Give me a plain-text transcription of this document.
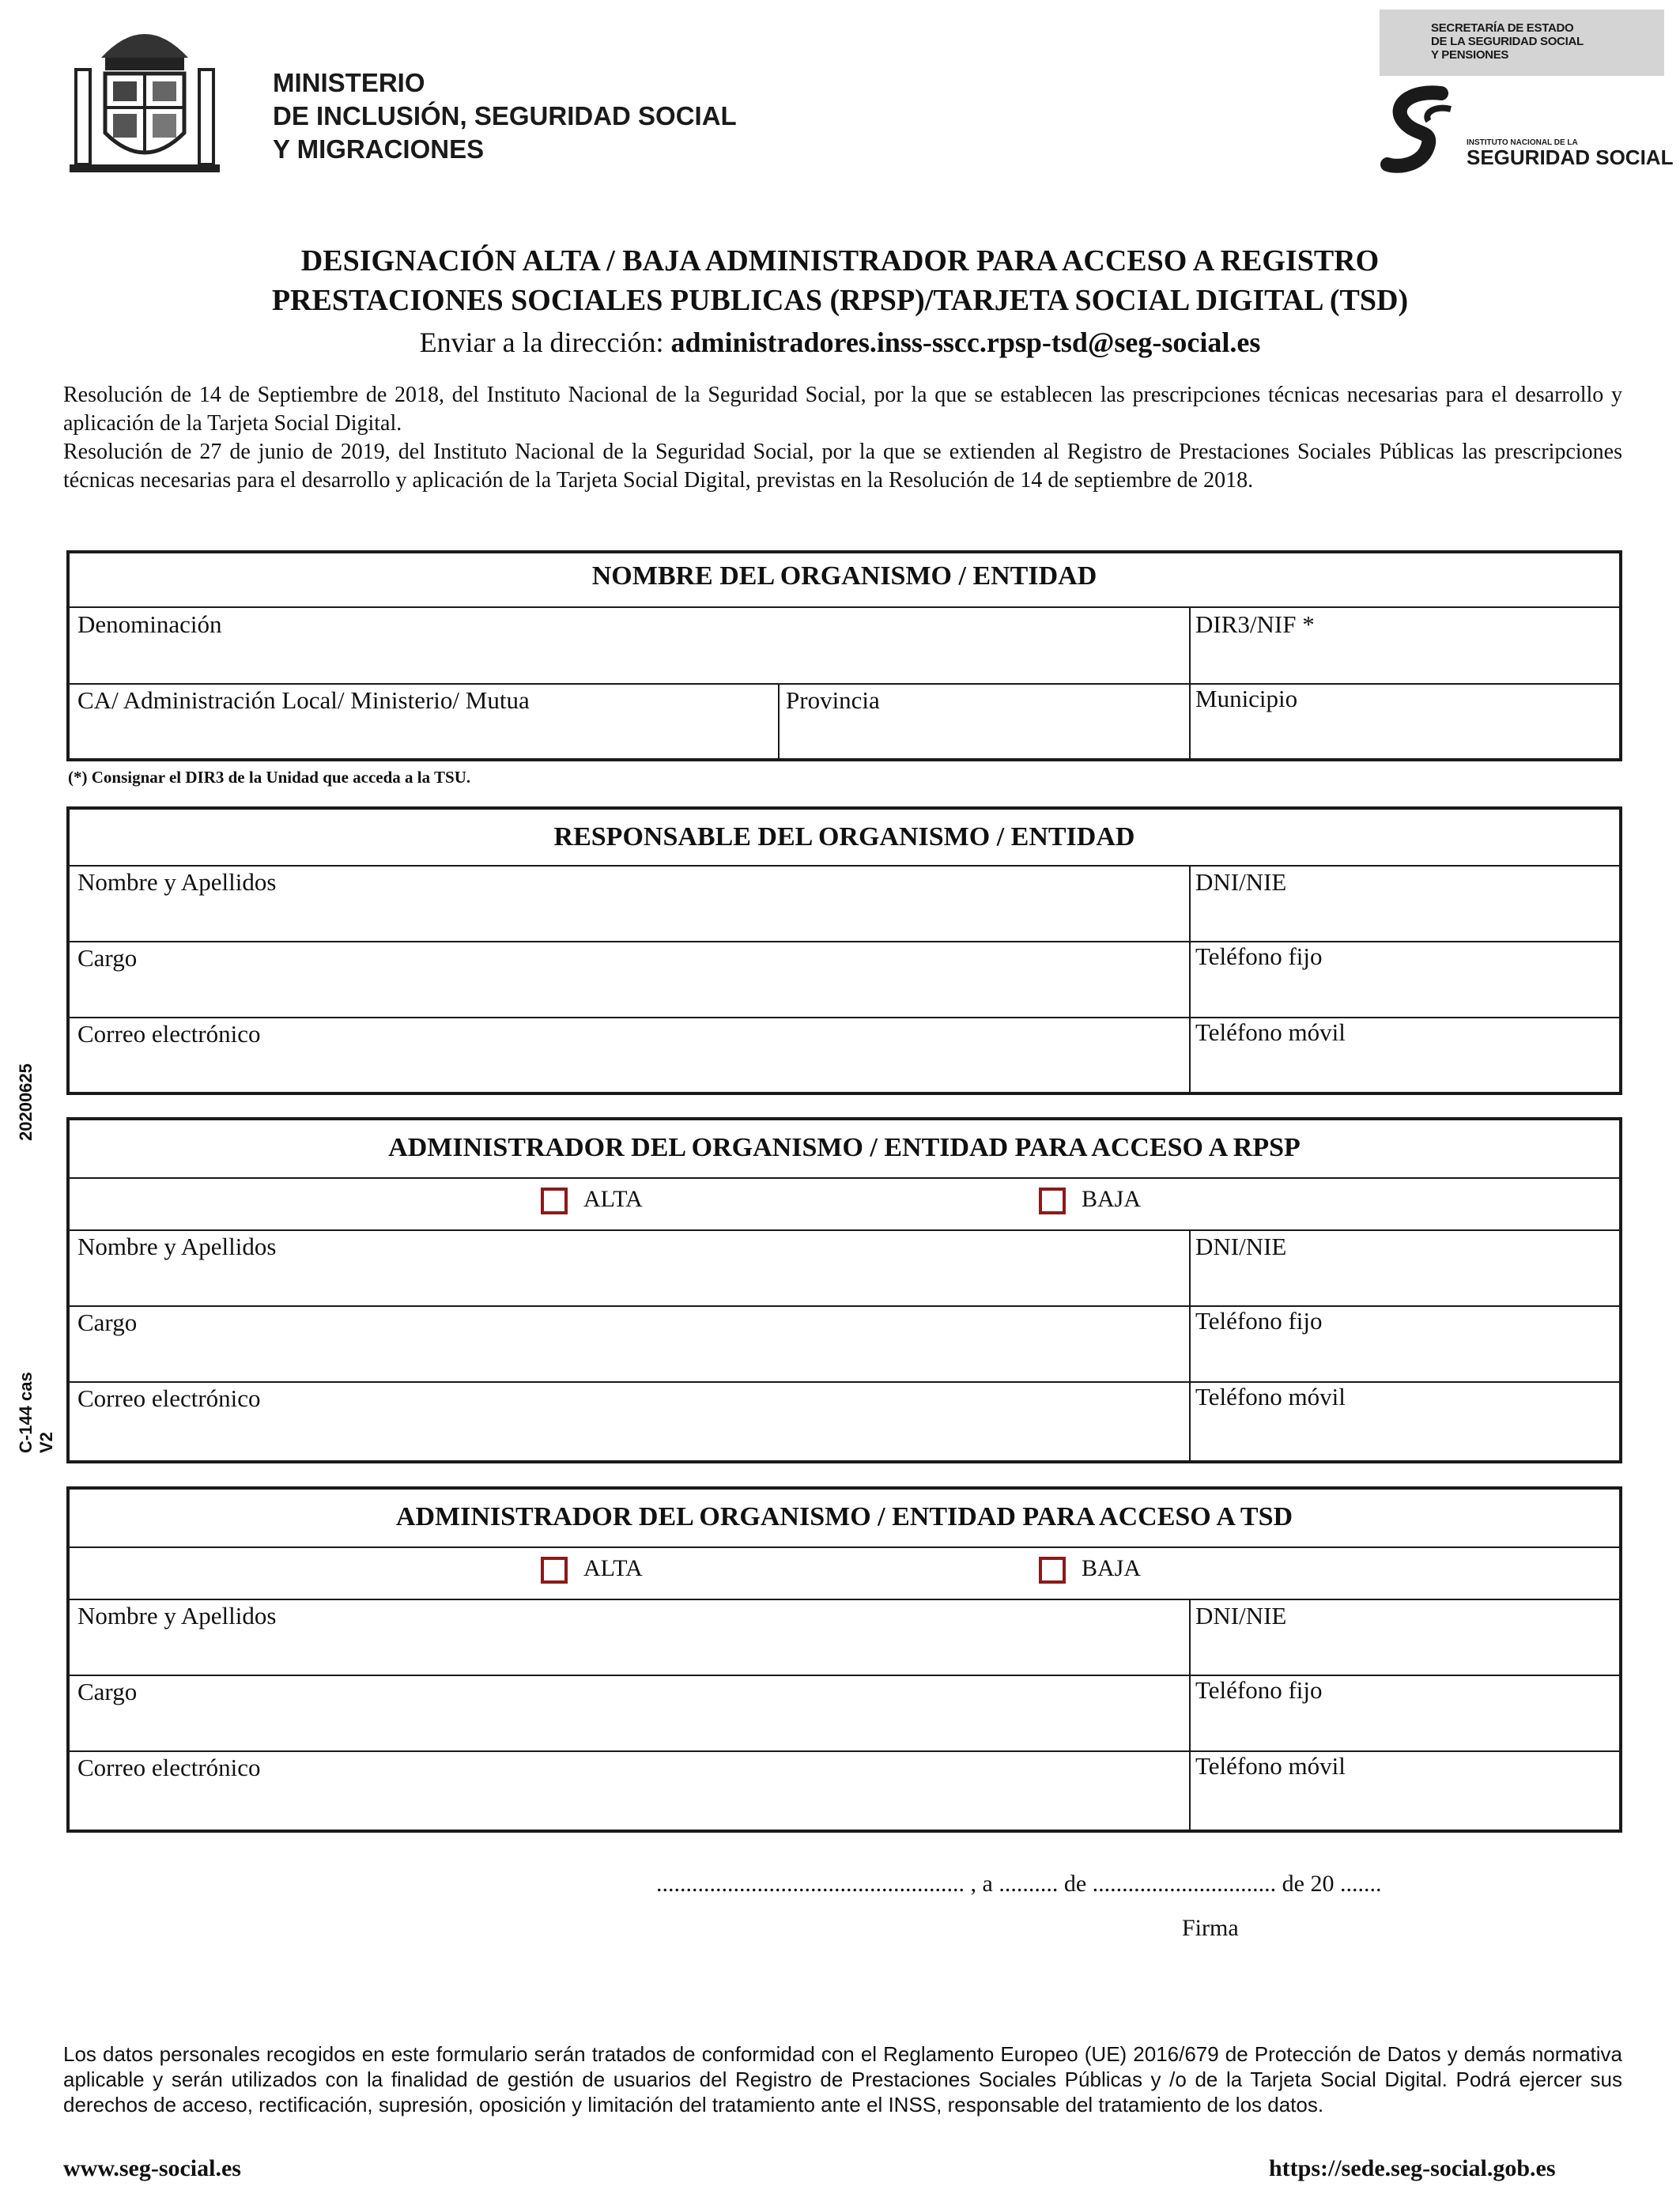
MINISTERIO
DE INCLUSIÓN, SEGURIDAD SOCIAL
Y MIGRACIONES
SECRETARÍA DE ESTADO
DE LA SEGURIDAD SOCIAL
Y PENSIONES
INSTITUTO NACIONAL DE LA
SEGURIDAD SOCIAL
DESIGNACIÓN ALTA / BAJA ADMINISTRADOR PARA ACCESO A REGISTRO
PRESTACIONES SOCIALES PUBLICAS (RPSP)/TARJETA SOCIAL DIGITAL (TSD)
Enviar a la dirección: administradores.inss-sscc.rpsp-tsd@seg-social.es

Resolución de 14 de Septiembre de 2018, del Instituto Nacional de la Seguridad Social, por la que se establecen las prescripciones técnicas necesarias para el desarrollo y aplicación de la Tarjeta Social Digital.

Resolución de 27 de junio de 2019, del Instituto Nacional de la Seguridad Social, por la que se extienden al Registro de Prestaciones Sociales Públicas las prescripciones técnicas necesarias para el desarrollo y aplicación de la Tarjeta Social Digital, previstas en la Resolución de 14 de septiembre de 2018.

NOMBRE DEL ORGANISMO / ENTIDAD
Denominación	DIR3/NIF *
CA/ Administración Local/ Ministerio/ Mutua	Provincia	Municipio
(*) Consignar el DIR3 de la Unidad que acceda a la TSU.
RESPONSABLE DEL ORGANISMO / ENTIDAD
Nombre y Apellidos	DNI/NIE
Cargo	Teléfono fijo
Correo electrónico	Teléfono móvil
ADMINISTRADOR DEL ORGANISMO / ENTIDAD PARA ACCESO A RPSP
ALTA	BAJA
Nombre y Apellidos	DNI/NIE
Cargo	Teléfono fijo
Correo electrónico	Teléfono móvil
ADMINISTRADOR DEL ORGANISMO / ENTIDAD PARA ACCESO A TSD
ALTA	BAJA
Nombre y Apellidos	DNI/NIE
Cargo	Teléfono fijo
Correo electrónico	Teléfono móvil
20200625
C-144 cas V2
.................................................... , a .......... de ............................... de 20 .......
Firma
Los datos personales recogidos en este formulario serán tratados de conformidad con el Reglamento Europeo (UE) 2016/679 de Protección de Datos y demás normativa aplicable y serán utilizados con la finalidad de gestión de usuarios del Registro de Prestaciones Sociales Públicas y /o de la Tarjeta Social Digital. Podrá ejercer sus derechos de acceso, rectificación, supresión, oposición y limitación del tratamiento ante el INSS, responsable del tratamiento de los datos.
www.seg-social.es	https://sede.seg-social.gob.es
